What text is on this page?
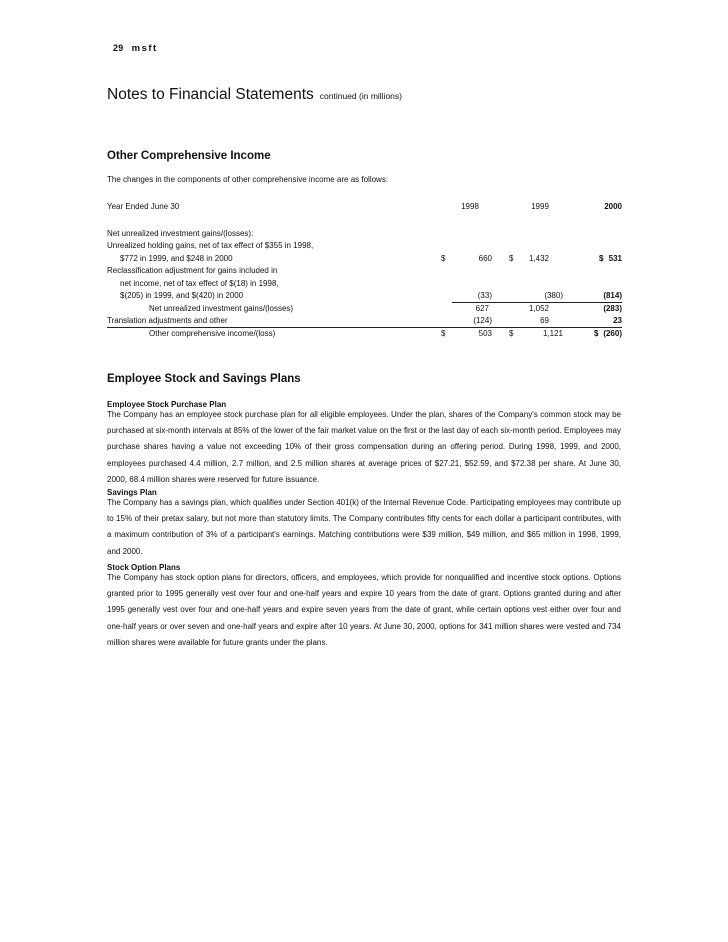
29 msft
Notes to Financial Statements continued (in millions)
Other Comprehensive Income
The changes in the components of other comprehensive income are as follows:
Year Ended June 30	1998	1999	2000
Net unrealized investment gains/(losses):
Unrealized holding gains, net of tax effect of $355 in 1998,
$772 in 1999, and $248 in 2000	$	660 $ 1,432	$ 531
Reclassification adjustment for gains included in
net income, net of tax effect of $(18) in 1998,
$(205) in 1999, and $(420) in 2000	(33)	(380)	(814)
Net unrealized investment gains/(losses)	627	1,052	(283)
Translation adjustments and other	(124)	69	23
Other comprehensive income/(loss)	$	503 $	1,121	$ (260)
Employee Stock and Savings Plans
Employee Stock Purchase Plan
The Company has an employee stock purchase plan for all eligible employees. Under the plan, shares of the Company's common stock may be purchased at six-month intervals at 85% of the lower of the fair market value on the first or the last day of each six-month period. Employees may purchase shares having a value not exceeding 10% of their gross compensation during an offering period. During 1998, 1999, and 2000, employees purchased 4.4 million, 2.7 million, and 2.5 million shares at average prices of $27.21, $52.59, and $72.38 per share. At June 30, 2000, 68.4 million shares were reserved for future issuance.
Savings Plan
The Company has a savings plan, which qualifies under Section 401(k) of the Internal Revenue Code. Participating employees may contribute up to 15% of their pretax salary, but not more than statutory limits. The Company contributes fifty cents for each dollar a participant contributes, with a maximum contribution of 3% of a participant's earnings. Matching contributions were $39 million, $49 million, and $65 million in 1998, 1999, and 2000.
Stock Option Plans
The Company has stock option plans for directors, officers, and employees, which provide for nonqualified and incentive stock options. Options granted prior to 1995 generally vest over four and one-half years and expire 10 years from the date of grant. Options granted during and after 1995 generally vest over four and one-half years and expire seven years from the date of grant, while certain options vest either over four and one-half years or over seven and one-half years and expire after 10 years. At June 30, 2000, options for 341 million shares were vested and 734 million shares were available for future grants under the plans.
